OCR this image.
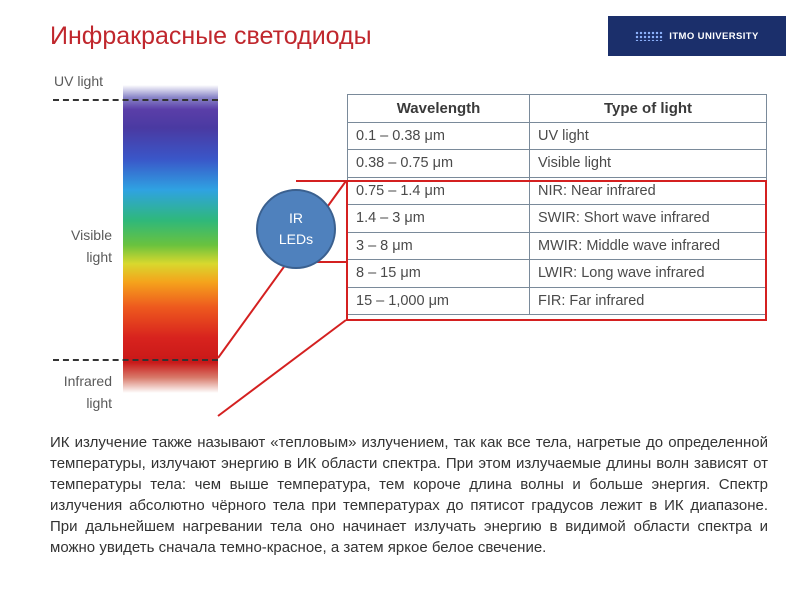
Инфракрасные светодиоды	ITMO UNIVERSITY
UV light
Visible
light
Infrared
light
Wavelength	Type of light
0.1 – 0.38 μm	UV light
0.38 – 0.75 μm	Visible light
0.75 – 1.4 μm	NIR: Near infrared
1.4 – 3 μm	SWIR: Short wave infrared
3 – 8 μm	MWIR: Middle wave infrared
8 – 15 μm	LWIR: Long wave infrared
15 – 1,000 μm	FIR: Far infrared
IR
LEDs
ИК излучение также называют «тепловым» излучением, так как все тела, нагретые до определенной температуры, излучают энергию в ИК области спектра. При этом излучаемые длины волн зависят от температуры тела: чем выше температура, тем короче длина волны и больше энергия. Спектр излучения абсолютно чёрного тела при температурах до пятисот градусов лежит в ИК диапазоне. При дальнейшем нагревании тела оно начинает излучать энергию в видимой области спектра и можно увидеть сначала темно-красное, а затем яркое белое свечение.
